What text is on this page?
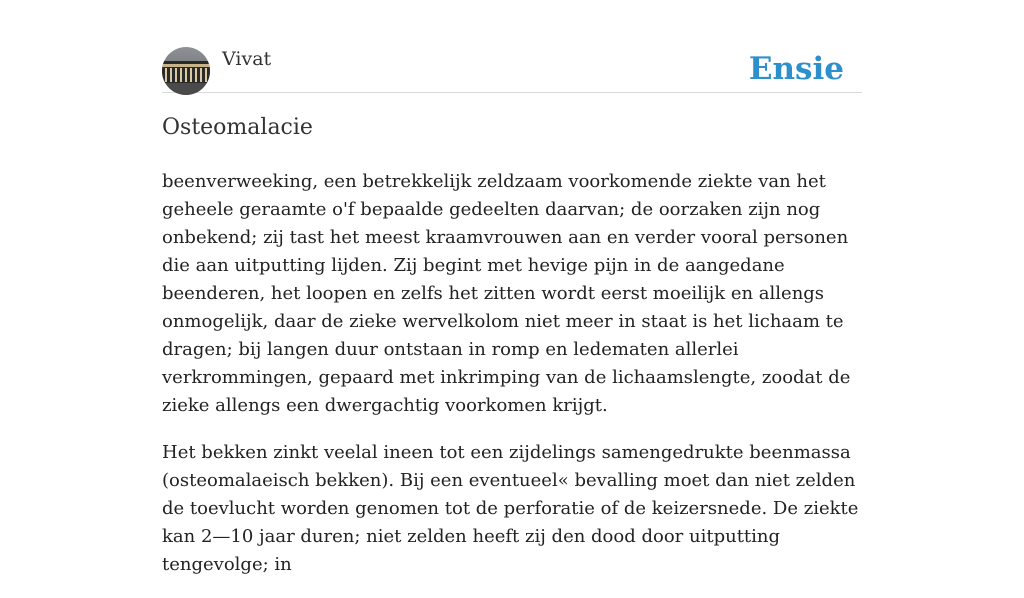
Vivat	Ensie
Osteomalacie

beenverweeking, een betrekkelijk zeldzaam voorkomende ziekte van het geheele geraamte o'f bepaalde gedeelten daarvan; de oorzaken zijn nog onbekend; zij tast het meest kraamvrouwen aan en verder vooral personen die aan uitputting lijden. Zij begint met hevige pijn in de aangedane beenderen, het loopen en zelfs het zitten wordt eerst moeilijk en allengs onmogelijk, daar de zieke wervelkolom niet meer in staat is het lichaam te dragen; bij langen duur ontstaan in romp en ledematen allerlei verkrommingen, gepaard met inkrimping van de lichaamslengte, zoodat de zieke allengs een dwergachtig voorkomen krijgt.

Het bekken zinkt veelal ineen tot een zijdelings samengedrukte beenmassa (osteomalaeisch bekken). Bij een eventueel« bevalling moet dan niet zelden de toevlucht worden genomen tot de perforatie of de keizersnede. De ziekte kan 2—10 jaar duren; niet zelden heeft zij den dood door uitputting tengevolge; in
